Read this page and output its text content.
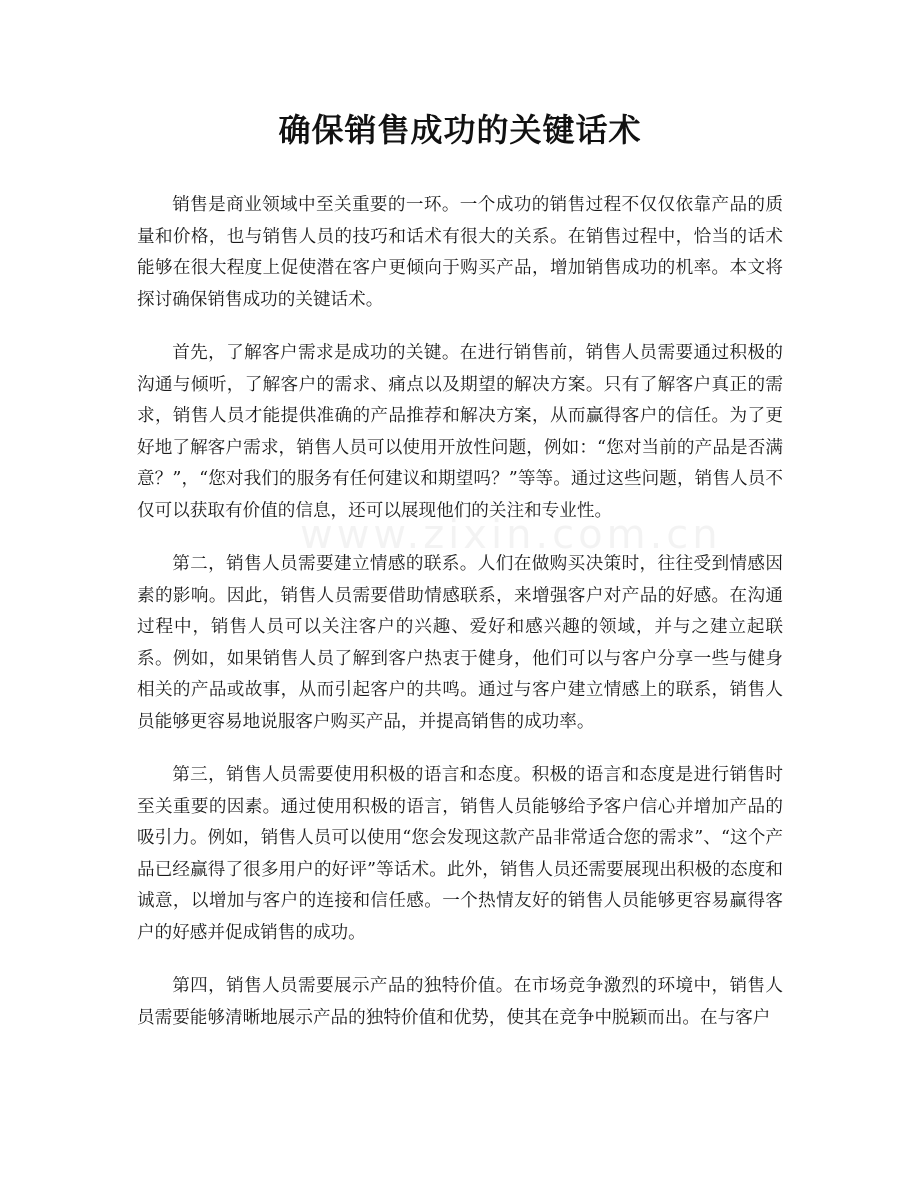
确保销售成功的关键话术

销售是商业领域中至关重要的一环。一个成功的销售过程不仅仅依靠产品的质量和价格，也与销售人员的技巧和话术有很大的关系。在销售过程中，恰当的话术能够在很大程度上促使潜在客户更倾向于购买产品，增加销售成功的机率。本文将探讨确保销售成功的关键话术。

首先，了解客户需求是成功的关键。在进行销售前，销售人员需要通过积极的沟通与倾听，了解客户的需求、痛点以及期望的解决方案。只有了解客户真正的需求，销售人员才能提供准确的产品推荐和解决方案，从而赢得客户的信任。为了更好地了解客户需求，销售人员可以使用开放性问题，例如：“您对当前的产品是否满意？”，“您对我们的服务有任何建议和期望吗？”等等。通过这些问题，销售人员不仅可以获取有价值的信息，还可以展现他们的关注和专业性。

第二，销售人员需要建立情感的联系。人们在做购买决策时，往往受到情感因素的影响。因此，销售人员需要借助情感联系，来增强客户对产品的好感。在沟通过程中，销售人员可以关注客户的兴趣、爱好和感兴趣的领域，并与之建立起联系。例如，如果销售人员了解到客户热衷于健身，他们可以与客户分享一些与健身相关的产品或故事，从而引起客户的共鸣。通过与客户建立情感上的联系，销售人员能够更容易地说服客户购买产品，并提高销售的成功率。

第三，销售人员需要使用积极的语言和态度。积极的语言和态度是进行销售时至关重要的因素。通过使用积极的语言，销售人员能够给予客户信心并增加产品的吸引力。例如，销售人员可以使用“您会发现这款产品非常适合您的需求”、“这个产品已经赢得了很多用户的好评”等话术。此外，销售人员还需要展现出积极的态度和诚意，以增加与客户的连接和信任感。一个热情友好的销售人员能够更容易赢得客户的好感并促成销售的成功。

第四，销售人员需要展示产品的独特价值。在市场竞争激烈的环境中，销售人员需要能够清晰地展示产品的独特价值和优势，使其在竞争中脱颖而出。在与客户

www.zixin.com.cn
